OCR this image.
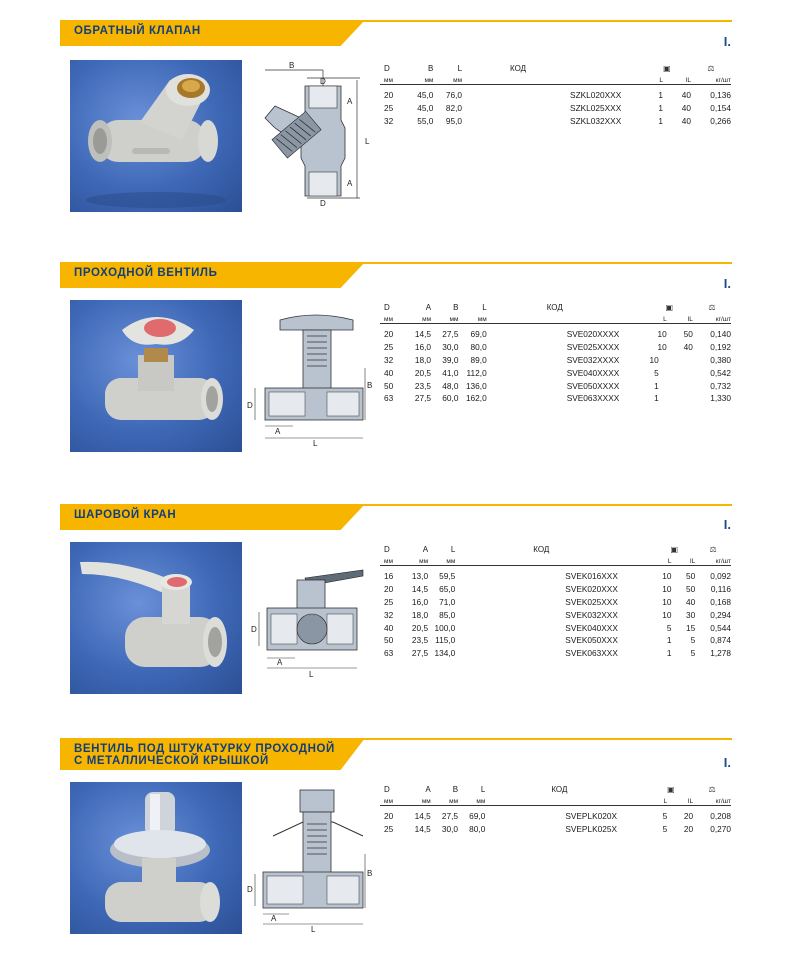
ОБРАТНЫЙ КЛАПАН
I.
B
D
A
L
A
D
D	B	L	КОД	▣		⚖
мм	мм	мм		L	IL	кг/шт
20	45,0	76,0	SZKL020XXX	1	40	0,136
25	45,0	82,0	SZKL025XXX	1	40	0,154
32	55,0	95,0	SZKL032XXX	1	40	0,266
ПРОХОДНОЙ ВЕНТИЛЬ
I.
D
B
A
L
D	A	B	L	КОД	▣		⚖
мм	мм	мм	мм		L	IL	кг/шт
20	14,5	27,5	69,0	SVE020XXXX	10	50	0,140
25	16,0	30,0	80,0	SVE025XXXX	10	40	0,192
32	18,0	39,0	89,0	SVE032XXXX	10		0,380
40	20,5	41,0	112,0	SVE040XXXX	5		0,542
50	23,5	48,0	136,0	SVE050XXXX	1		0,732
63	27,5	60,0	162,0	SVE063XXXX	1		1,330
ШАРОВОЙ КРАН
I.
D
A
L
D	A	L	КОД	▣		⚖
мм	мм	мм		L	IL	кг/шт
16	13,0	59,5	SVEK016XXX	10	50	0,092
20	14,5	65,0	SVEK020XXX	10	50	0,116
25	16,0	71,0	SVEK025XXX	10	40	0,168
32	18,0	85,0	SVEK032XXX	10	30	0,294
40	20,5	100,0	SVEK040XXX	5	15	0,544
50	23,5	115,0	SVEK050XXX	1	5	0,874
63	27,5	134,0	SVEK063XXX	1	5	1,278
ВЕНТИЛЬ ПОД ШТУКАТУРКУ ПРОХОДНОЙ
С МЕТАЛЛИЧЕСКОЙ КРЫШКОЙ	I.
D
B
A
L
D	A	B	L	КОД	▣		⚖
мм	мм	мм	мм		L	IL	кг/шт
20	14,5	27,5	69,0	SVEPLK020X	5	20	0,208
25	14,5	30,0	80,0	SVEPLK025X	5	20	0,270
